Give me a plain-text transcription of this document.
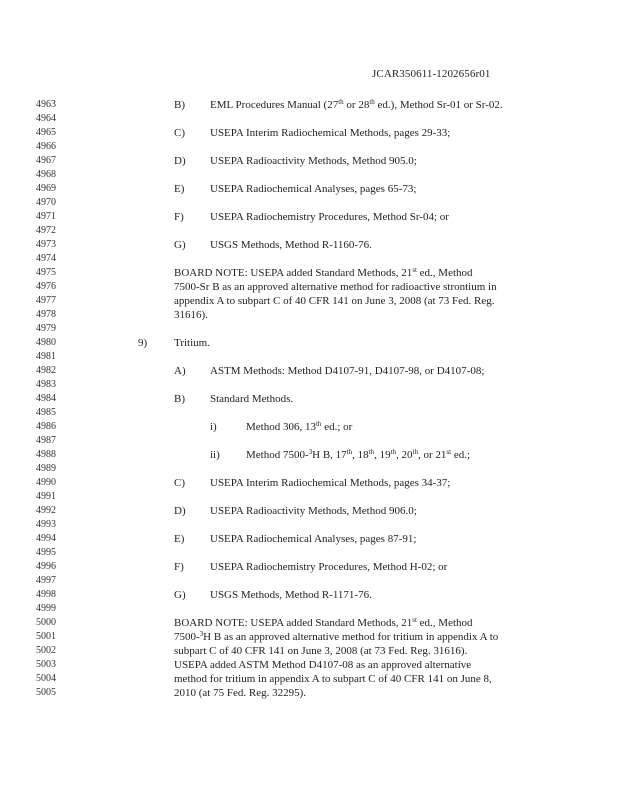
JCAR350611-1202656r01
4963
4964
4965
4966
4967
4968
4969
4970
4971
4972
4973
4974
4975
4976
4977
4978
4979
4980
4981
4982
4983
4984
4985
4986
4987
4988
4989
4990
4991
4992
4993
4994
4995
4996
4997
4998
4999
5000
5001
5002
5003
5004
5005
B) EML Procedures Manual (27th or 28th ed.), Method Sr-01 or Sr-02.
C) USEPA Interim Radiochemical Methods, pages 29-33;
D) USEPA Radioactivity Methods, Method 905.0;
E) USEPA Radiochemical Analyses, pages 65-73;
F) USEPA Radiochemistry Procedures, Method Sr-04; or
G) USGS Methods, Method R-1160-76.
BOARD NOTE: USEPA added Standard Methods, 21st ed., Method
7500-Sr B as an approved alternative method for radioactive strontium in
appendix A to subpart C of 40 CFR 141 on June 3, 2008 (at 73 Fed. Reg.
31616).
9) Tritium.
A) ASTM Methods: Method D4107-91, D4107-98, or D4107-08;
B) Standard Methods.
i)	Method 306, 13th ed.; or
ii) Method 7500-$^3$H B, 17th, 18th, 19th, 20th, or 21st ed.;
C) USEPA Interim Radiochemical Methods, pages 34-37;
D) USEPA Radioactivity Methods, Method 906.0;
E) USEPA Radiochemical Analyses, pages 87-91;
F) USEPA Radiochemistry Procedures, Method H-02; or
G) USGS Methods, Method R-1171-76.
BOARD NOTE: USEPA added Standard Methods, 21st ed., Method
7500-$^3$H B as an approved alternative method for tritium in appendix A to
subpart C of 40 CFR 141 on June 3, 2008 (at 73 Fed. Reg. 31616).
USEPA added ASTM Method D4107-08 as an approved alternative
method for tritium in appendix A to subpart C of 40 CFR 141 on June 8,
2010 (at 75 Fed. Reg. 32295).
